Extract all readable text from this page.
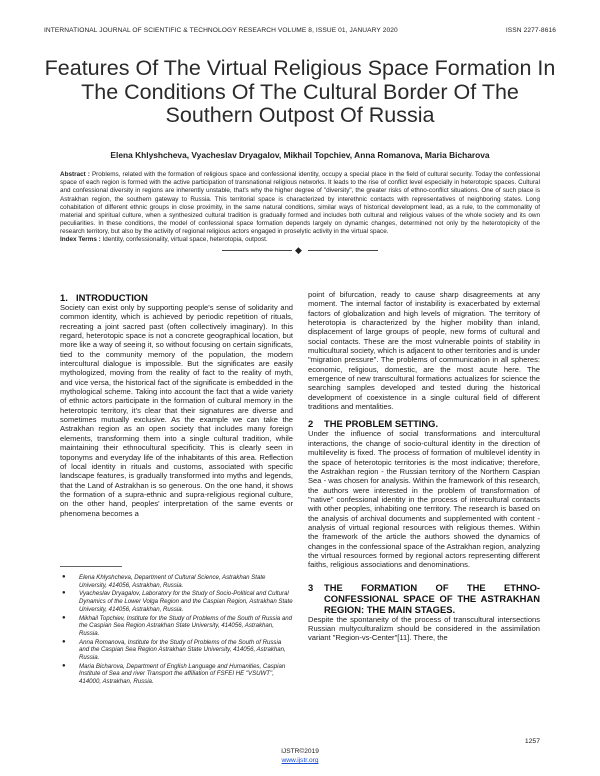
INTERNATIONAL JOURNAL OF SCIENTIFIC & TECHNOLOGY RESEARCH VOLUME 8, ISSUE 01, JANUARY 2020	ISSN 2277-8616
Features Of The Virtual Religious Space Formation In The Conditions Of The Cultural Border Of The Southern Outpost Of Russia
Elena Khlyshcheva, Vyacheslav Dryagalov, Mikhail Topchiev, Anna Romanova, Maria Bicharova
Abstract : Problems, related with the formation of religious space and confessional identity, occupy a special place in the field of cultural security. Today the confessional space of each region is formed with the active participation of transnational religious networks. It leads to the rise of conflict level especially in heterotopic spaces. Cultural and confessional diversity in regions are inherently unstable, that's why the higher degree of "diversity", the greater risks of ethno-conflict situations. One of such place is Astrakhan region, the southern gateway to Russia. This territorial space is characterized by interethnic contacts with representatives of neighboring states. Long cohabitation of different ethnic groups in close proximity, in the same natural conditions, similar ways of historical development lead, as a rule, to the commonality of material and spiritual culture, when a synthesized cultural tradition is gradually formed and includes both cultural and religious values of the whole society and its own peculiarities. In these conditions, the model of confessional space formation depends largely on dynamic changes, determined not only by the heterotopicity of the research territory, but also by the activity of regional religious actors engaged in proselytic activity in the virtual space.
Index Terms : Identity, confessionality, virtual space, heterotopia, outpost.
◆
1. INTRODUCTION

Society can exist only by supporting people's sense of solidarity and common identity, which is achieved by periodic repetition of rituals, recreating a joint sacred past (often collectively imaginary). In this regard, heterotopic space is not a concrete geographical location, but more like a way of seeing it, so without focusing on certain significats, tied to the community memory of the population, the modern intercultural dialogue is impossible. But the significates are easily mythologized, moving from the reality of fact to the reality of myth, and vice versa, the historical fact of the significate is embedded in the mythological scheme. Taking into account the fact that a wide variety of ethnic actors participate in the formation of cultural memory in the heterotopic territory, it's clear that their signatures are diverse and sometimes mutually exclusive. As the example we can take the Astrakhan region as an open society that includes many foreign elements, transforming them into a single cultural tradition, while maintaining their ethnocultural specificity. This is clearly seen in toponyms and everyday life of the inhabitants of this area. Reflection of local identity in rituals and customs, associated with specific landscape features, is gradually transformed into myths and legends, that the Land of Astrakhan is so generous. On the one hand, it shows the formation of a supra-ethnic and supra-religious regional culture, on the other hand, peoples' interpretation of the same events or phenomena becomes a

point of bifurcation, ready to cause sharp disagreements at any moment. The internal factor of instability is exacerbated by external factors of globalization and high levels of migration. The territory of heterotopia is characterized by the higher mobility than inland, displacement of large groups of people, new forms of cultural and social contacts. These are the most vulnerable points of stability in multicultural society, which is adjacent to other territories and is under "migration pressure". The problems of communication in all spheres: economic, religious, domestic, are the most acute here. The emergence of new transcultural formations actualizes for science the searching samples developed and tested during the historical development of coexistence in a single cultural field of different traditions and mentalities.

2 THE PROBLEM SETTING.

Under the influence of social transformations and intercultural interactions, the change of socio-cultural identity in the direction of multilevelity is fixed. The process of formation of multilevel identity in the space of heterotopic territories is the most indicative; therefore, the Astrakhan region - the Russian territory of the Northern Caspian Sea - was chosen for analysis. Within the framework of this research, the authors were interested in the problem of transformation of "native" confessional identity in the process of intercultural contacts with other peoples, inhabiting one territory. The research is based on the analysis of archival documents and supplemented with content - analysis of virtual regional resources with religious themes. Within the framework of the article the authors showed the dynamics of changes in the confessional space of the Astrakhan region, analyzing the virtual resources formed by regional actors representing different faiths, religious associations and denominations.

3	THE FORMATION OF THE ETHNO-CONFESSIONAL SPACE OF THE ASTRAKHAN REGION: THE MAIN STAGES.

Despite the spontaneity of the process of transcultural intersections Russian multyculturalizm should be considered in the assimilation variant "Region-vs-Center"[11]. There, the

●	Elena Khlyshcheva, Department of Cultural Science, Astrakhan State University, 414056, Astrakhan, Russia.
●	Vyacheslav Dryagalov, Laboratory for the Study of Socio-Political and Cultural Dynamics of the Lower Volga Region and the Caspian Region, Astrakhan State University, 414056, Astrakhan, Russia.
●	Mikhail Topchiev, Institute for the Study of Problems of the South of Russia and the Caspian Sea Region Astrakhan State University, 414056, Astrakhan, Russia.
●	Anna Romanova, Institute for the Study of Problems of the South of Russia and the Caspian Sea Region Astrakhan State University, 414056, Astrakhan, Russia.
●	Maria Bicharova, Department of English Language and Humanities, Caspian Institute of Sea and river Transport the affiliation of FSFEI HE "VSUWT", 414000, Astrakhan, Russia.
1257
IJSTR©2019
www.ijstr.org
